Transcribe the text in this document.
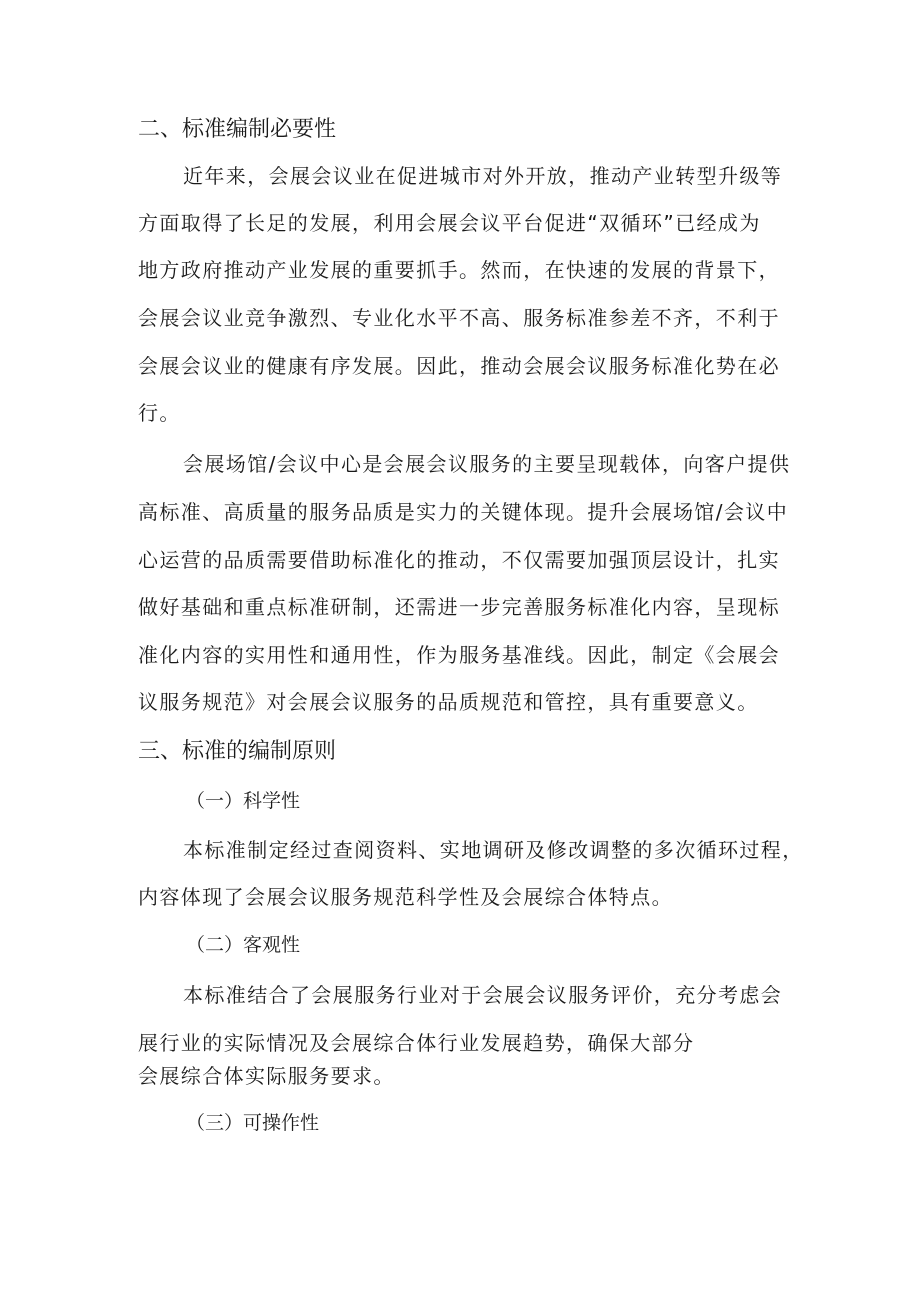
二、标准编制必要性
近年来，会展会议业在促进城市对外开放，推动产业转型升级等
方面取得了长足的发展，利用会展会议平台促进“双循环”已经成为
地方政府推动产业发展的重要抓手。然而，在快速的发展的背景下，
会展会议业竞争激烈、专业化水平不高、服务标准参差不齐，不利于
会展会议业的健康有序发展。因此，推动会展会议服务标准化势在必
行。
会展场馆/会议中心是会展会议服务的主要呈现载体，向客户提供
高标准、高质量的服务品质是实力的关键体现。提升会展场馆/会议中
心运营的品质需要借助标准化的推动，不仅需要加强顶层设计，扎实
做好基础和重点标准研制，还需进一步完善服务标准化内容，呈现标
准化内容的实用性和通用性，作为服务基准线。因此，制定《会展会
议服务规范》对会展会议服务的品质规范和管控，具有重要意义。
三、标准的编制原则
（一）科学性
本标准制定经过查阅资料、实地调研及修改调整的多次循环过程，
内容体现了会展会议服务规范科学性及会展综合体特点。
（二）客观性
本标准结合了会展服务行业对于会展会议服务评价，充分考虑会
展行业的实际情况及会展综合体行业发展趋势，确保大部分
会展综合体实际服务要求。
（三）可操作性
